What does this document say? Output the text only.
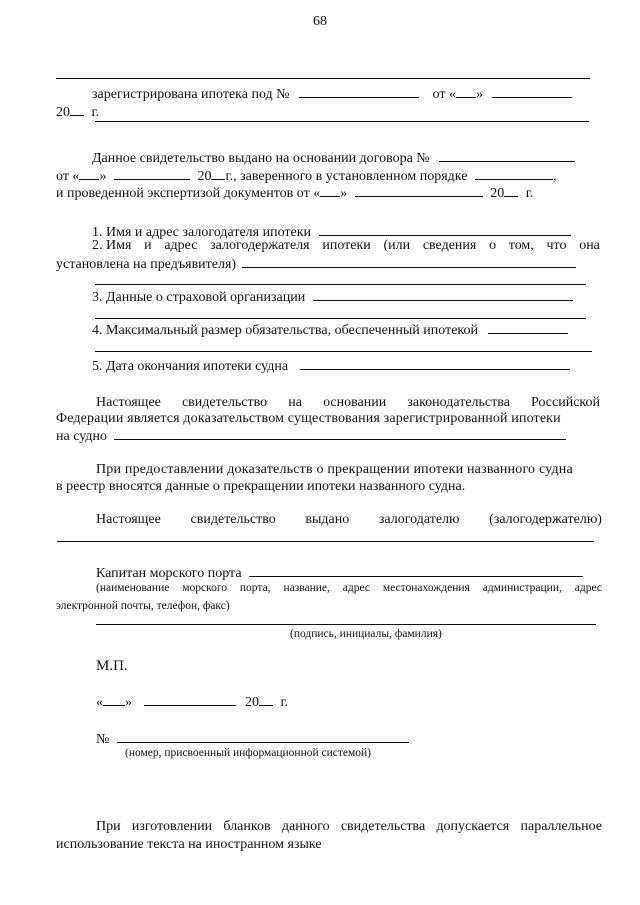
68
зарегистрирована ипотека под №	от « »
20 г.
Данное свидетельство выдано на основании договора №
от « »	20 г., заверенного в установленном порядке	,
и проведенной экспертизой документов от « »	20 г.
1. Имя и адрес залогодателя ипотеки
2. Имя и адрес залогодержателя ипотеки (или сведения о том, что она
установлена на предъявителя)
3. Данные о страховой организации
4. Максимальный размер обязательства, обеспеченный ипотекой
5. Дата окончания ипотеки судна
Настоящее свидетельство на основании законодательства Российской
Федерации является доказательством существования зарегистрированной ипотеки
на судно
При предоставлении доказательств о прекращении ипотеки названного судна
в реестр вносятся данные о прекращении ипотеки названного судна.
Настоящее свидетельство выдано залогодателю (залогодержателю)
Капитан морского порта
(наименование морского порта, название, адрес местонахождения администрации, адрес
электронной почты, телефон, факс)
(подпись, инициалы, фамилия)
М.П.
« »	20 г.
№
(номер, присвоенный информационной системой)
При изготовлении бланков данного свидетельства допускается параллельное
использование текста на иностранном языке
